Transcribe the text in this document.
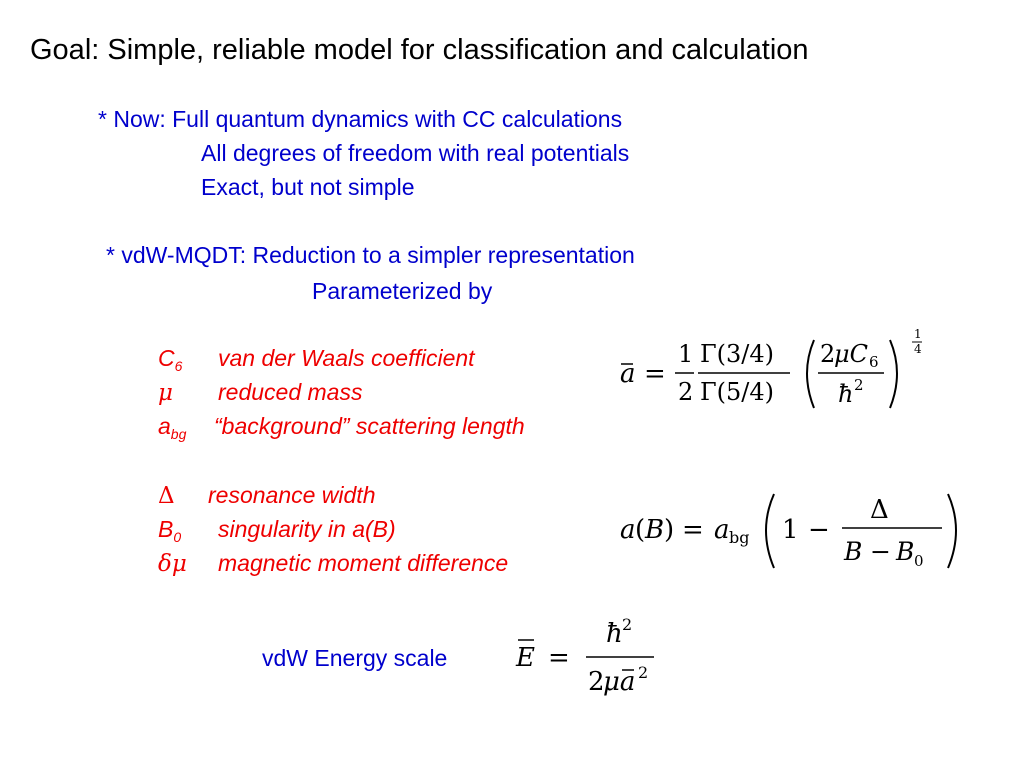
Goal: Simple, reliable model for classification and calculation
* Now: Full quantum dynamics with CC calculations
All degrees of freedom with real potentials
Exact, but not simple
* vdW-MQDT: Reduction to a simpler representation
Parameterized by
$C_6$ van der Waals coefficient
μ reduced mass
$a_{bg}$ “background” scattering length
Δ resonance width
$B_0$ singularity in a(B)
δμ magnetic moment difference
a =
1
2
Γ(3/4)
Γ(5/4)
2
μC 6
ħ 2
1
4
a ( B ) = a bg 1 −
Δ
B − B 0
vdW Energy scale	E =
ħ 2
2
μa 2
